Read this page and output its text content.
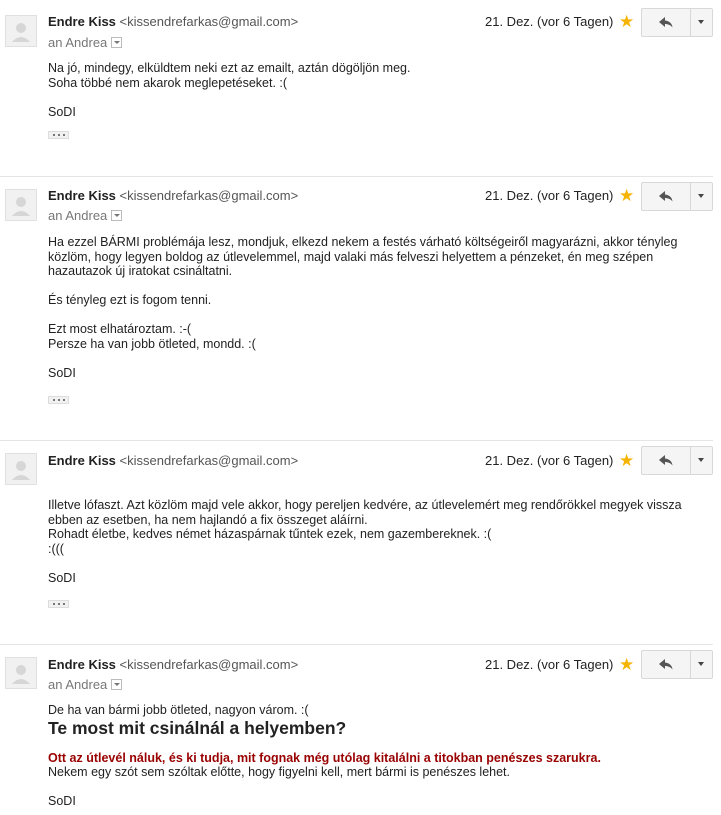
Endre Kiss <kissendrefarkas@gmail.com>
an Andrea
21. Dez. (vor 6 Tagen) ★

Na jó, mindegy, elküldtem neki ezt az emailt, aztán dögöljön meg.

Soha többé nem akarok meglepetéseket. :(

SoDI

Endre Kiss <kissendrefarkas@gmail.com>
an Andrea
21. Dez. (vor 6 Tagen) ★

Ha ezzel BÁRMI problémája lesz, mondjuk, elkezd nekem a festés várható költségeiről magyarázni, akkor tényleg közlöm, hogy legyen boldog az útlevelemmel, majd valaki más felveszi helyettem a pénzeket, én meg szépen hazautazok új iratokat csináltatni.

És tényleg ezt is fogom tenni.

Ezt most elhatároztam. :-(

Persze ha van jobb ötleted, mondd. :(

SoDI

Endre Kiss <kissendrefarkas@gmail.com>	21. Dez. (vor 6 Tagen) ★

Illetve lófaszt. Azt közlöm majd vele akkor, hogy pereljen kedvére, az útlevelemért meg rendőrökkel megyek vissza ebben az esetben, ha nem hajlandó a fix összeget aláírni.

Rohadt életbe, kedves német házaspárnak tűntek ezek, nem gazembereknek. :(

:(((

SoDI

Endre Kiss <kissendrefarkas@gmail.com>
an Andrea
21. Dez. (vor 6 Tagen) ★

De ha van bármi jobb ötleted, nagyon várom. :(

Te most mit csinálnál a helyemben?

Ott az útlevél náluk, és ki tudja, mit fognak még utólag kitalálni a titokban penészes szarukra.

Nekem egy szót sem szóltak előtte, hogy figyelni kell, mert bármi is penészes lehet.

SoDI
